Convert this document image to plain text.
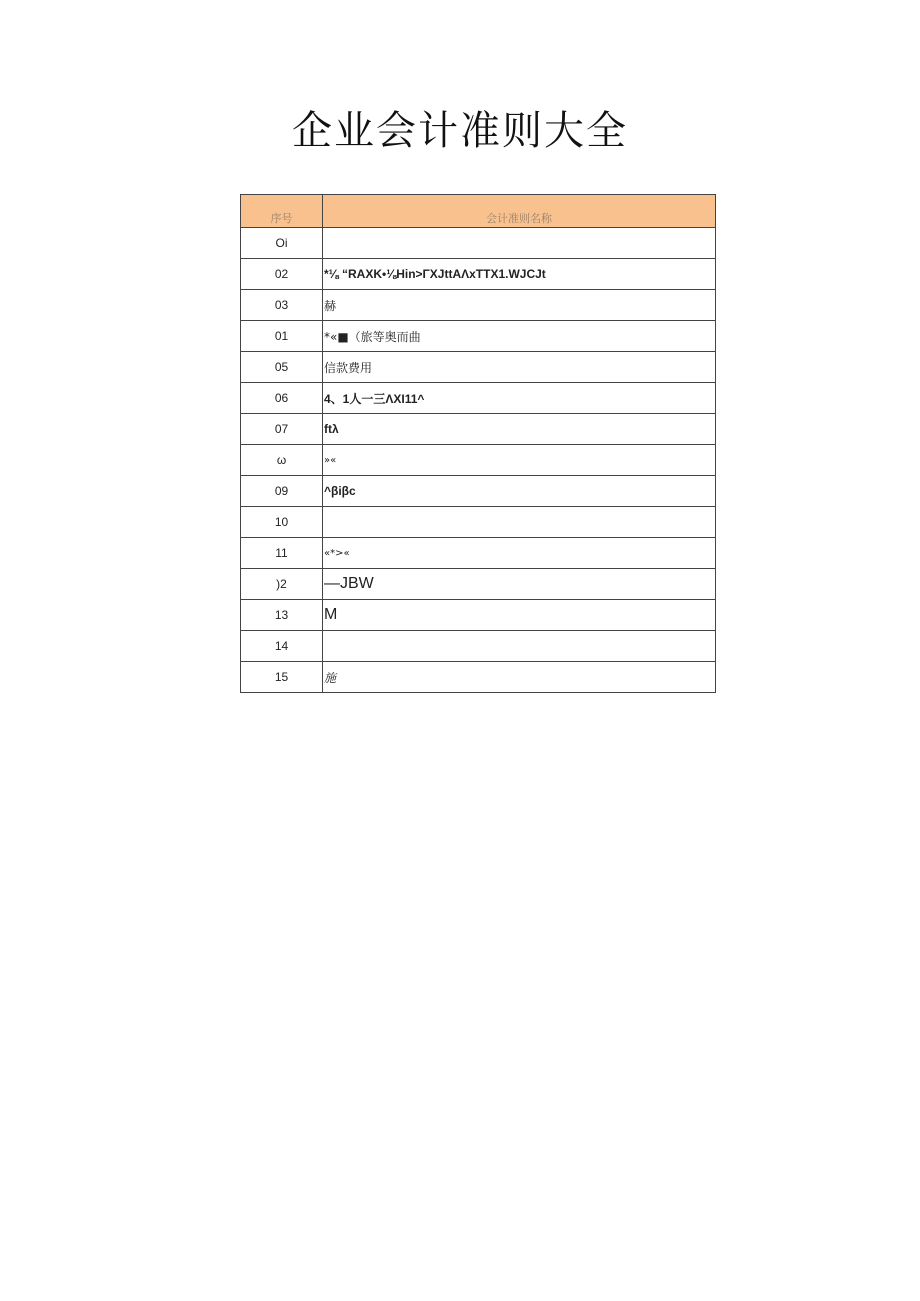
企业会计准则大全
序号	会计准则名称
Oi	
02	*⅛ “RAXK•⅛Hin>ΓXJttAΛxTTX1.WJCJt
03	赫
01	*«■（旅等奥而曲
05	信款费用
06	4、1人一三ΛXI11^
07	ftλ
ω	»«
09	^βiβc
10	
11	«*>«
)2	—JBW
13	M
14	
15	施
